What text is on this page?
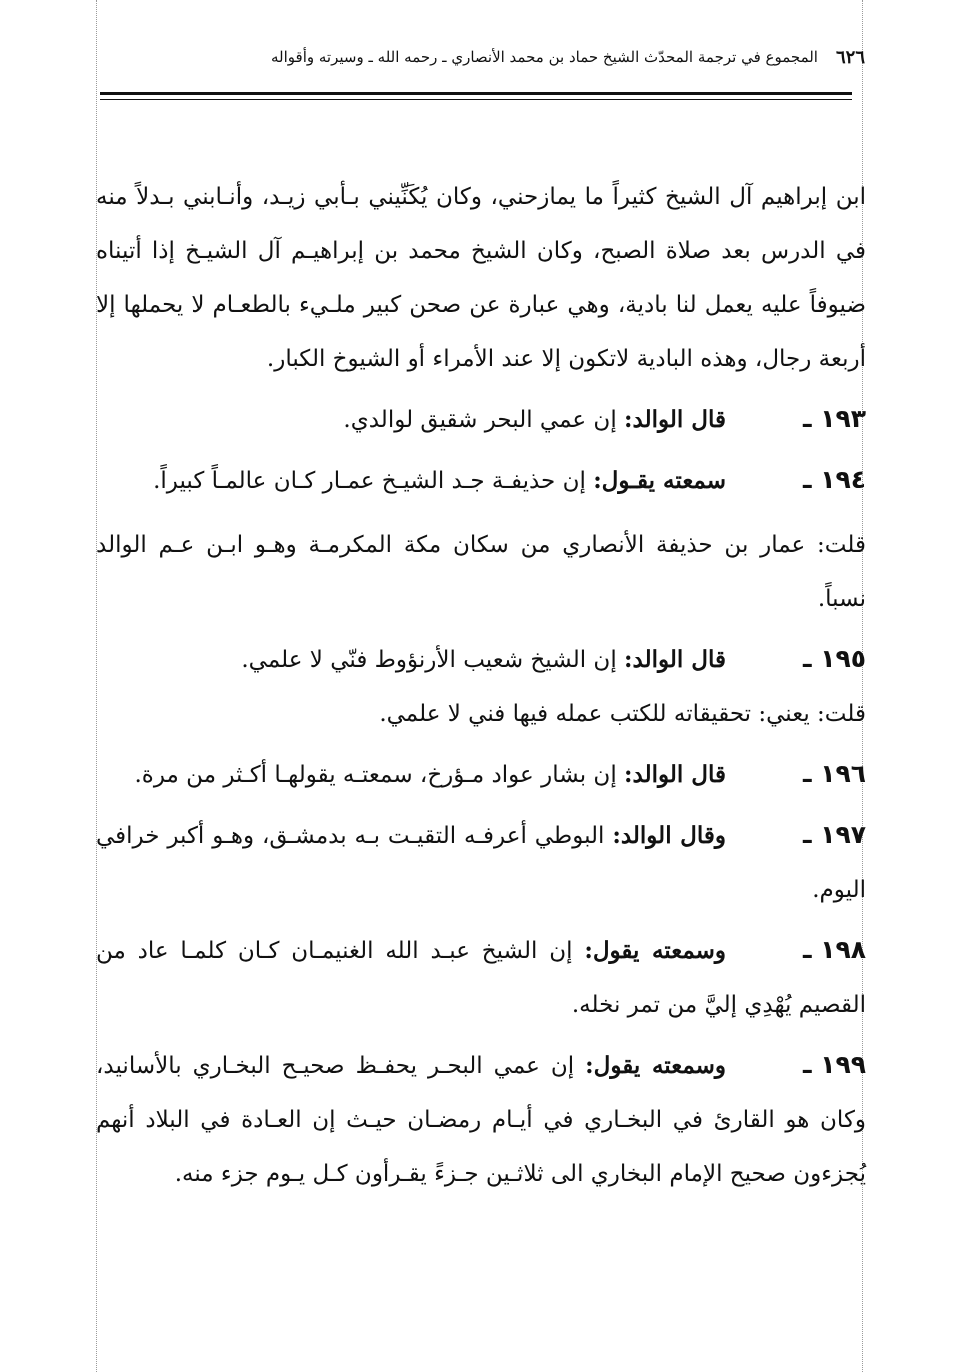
٦٢٦
المجموع في ترجمة المحدّث الشيخ حماد بن محمد الأنصاري ـ رحمه الله ـ وسيرته وأقواله

ابن إبراهيم آل الشيخ كثيراً ما يمازحني، وكان يُكَنِّيني بـأبي زيـد، وأنـابني بـدلاً منه في الدرس بعد صلاة الصبح، وكان الشيخ محمد بن إبراهيـم آل الشيـخ إذا أتيناه ضيوفاً عليه يعمل لنا بادية، وهي عبارة عن صحن كبير ملـيء بالطعـام لا يحملها إلا أربعة رجال، وهذه البادية لاتكون إلا عند الأمراء أو الشيوخ الكبار.

١٩٣ ـقال الوالد: إن عمي البحر شقيق لوالدي.

١٩٤ ـسمعته يقـول: إن حذيفـة جـد الشيـخ عمـار كـان عالمـاً كبيراً.

قلت: عمار بن حذيفة الأنصاري من سكان مكة المكرمـة وهـو ابـن عـم الوالد نسباً.

١٩٥ ـقال الوالد: إن الشيخ شعيب الأرنؤوط فنّي لا علمي.

قلت: يعني: تحقيقاته للكتب عمله فيها فني لا علمي.

١٩٦ ـقال الوالد: إن بشار عواد مـؤرخ، سمعتـه يقولهـا أكـثر من مرة.

١٩٧ ـوقال الوالد: البوطي أعرفـه التقيـت بـه بدمشـق، وهـو أكبر خرافي اليوم.

١٩٨ ـوسمعته يقول: إن الشيخ عبـد الله الغنيمـان كـان كلمـا عاد من القصيم يُهْدِي إليَّ من تمر نخله.

١٩٩ ـوسمعته يقول: إن عمي البحـر يحفـظ صحيـح البخـاري بالأسانيد، وكان هو القارئ في البخـاري في أيـام رمضـان حيـث إن العـادة في البلاد أنهم يُجزءون صحيح الإمام البخاري الى ثلاثـين جـزءً يقـرأون كـل يـوم جزء منه.
